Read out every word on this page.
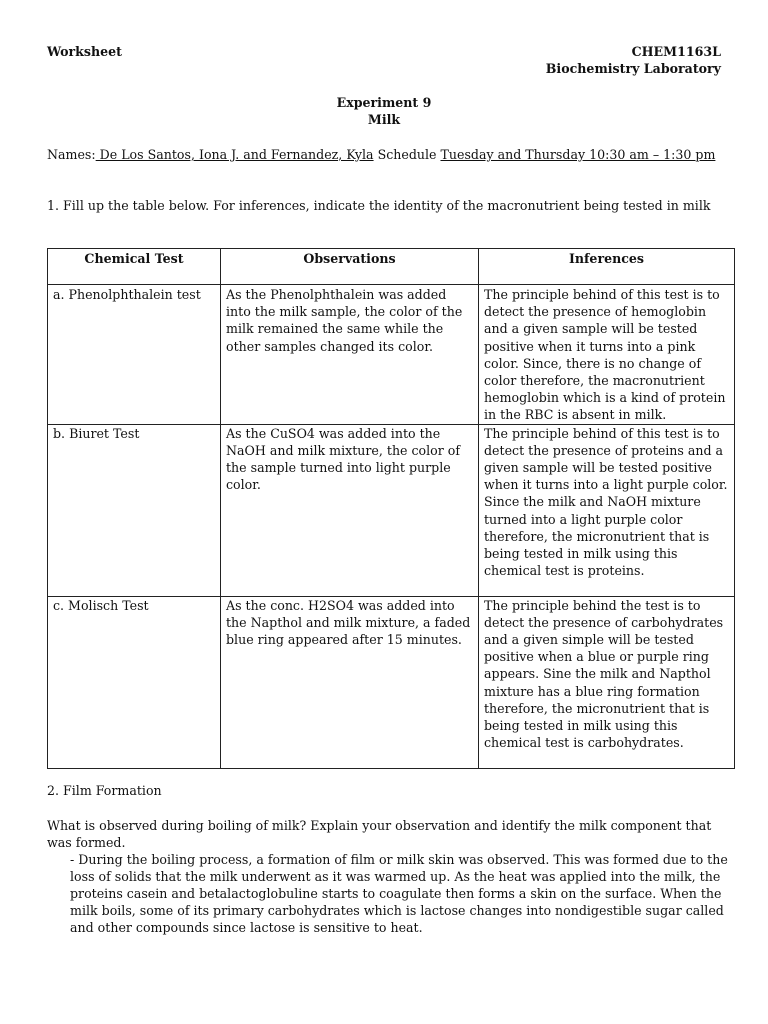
Worksheet	CHEM1163L
Biochemistry Laboratory
Experiment 9
Milk
Names: De Los Santos, Iona J. and Fernandez, Kyla Schedule Tuesday and Thursday 10:30 am – 1:30 pm
1. Fill up the table below. For inferences, indicate the identity of the macronutrient being tested in milk
Chemical Test	Observations	Inferences
a. Phenolphthalein test	As the Phenolphthalein was added into the milk sample, the color of the milk remained the same while the other samples changed its color.	The principle behind of this test is to detect the presence of hemoglobin and a given sample will be tested positive when it turns into a pink color. Since, there is no change of color therefore, the macronutrient hemoglobin which is a kind of protein in the RBC is absent in milk.
b. Biuret Test	As the CuSO4 was added into the NaOH and milk mixture, the color of the sample turned into light purple color.	The principle behind of this test is to detect the presence of proteins and a given sample will be tested positive when it turns into a light purple color. Since the milk and NaOH mixture turned into a light purple color therefore, the micronutrient that is being tested in milk using this chemical test is proteins.
c. Molisch Test	As the conc. H2SO4 was added into the Napthol and milk mixture, a faded blue ring appeared after 15 minutes.	The principle behind the test is to detect the presence of carbohydrates and a given simple will be tested positive when a blue or purple ring appears. Sine the milk and Napthol mixture has a blue ring formation therefore, the micronutrient that is being tested in milk using this chemical test is carbohydrates.
2. Film Formation
What is observed during boiling of milk? Explain your observation and identify the milk component that was formed.
- During the boiling process, a formation of film or milk skin was observed. This was formed due to the loss of solids that the milk underwent as it was warmed up. As the heat was applied into the milk, the proteins casein and betalactoglobuline starts to coagulate then forms a skin on the surface. When the milk boils, some of its primary carbohydrates which is lactose changes into nondigestible sugar called and other compounds since lactose is sensitive to heat.
